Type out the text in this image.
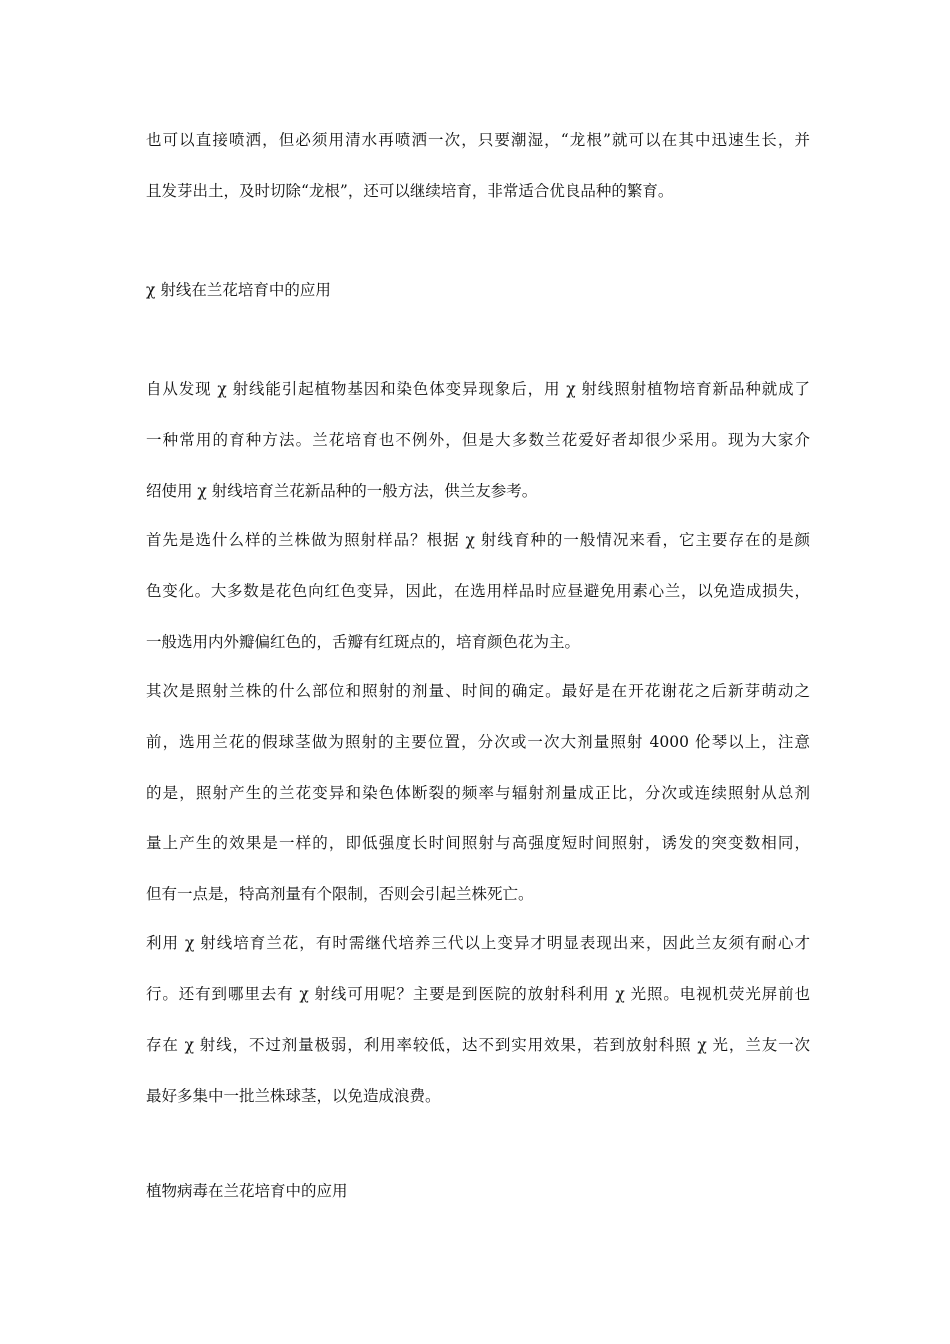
也可以直接喷洒，但必须用清水再喷洒一次，只要潮湿，“龙根”就可以在其中迅速生长，并
且发芽出土，及时切除“龙根”，还可以继续培育，非常适合优良品种的繁育。
χ 射线在兰花培育中的应用
自从发现 χ 射线能引起植物基因和染色体变异现象后，用 χ 射线照射植物培育新品种就成了
一种常用的育种方法。兰花培育也不例外，但是大多数兰花爱好者却很少采用。现为大家介
绍使用 χ 射线培育兰花新品种的一般方法，供兰友参考。
首先是选什么样的兰株做为照射样品？根据 χ 射线育种的一般情况来看，它主要存在的是颜
色变化。大多数是花色向红色变异，因此，在选用样品时应昼避免用素心兰，以免造成损失，
一般选用内外瓣偏红色的，舌瓣有红斑点的，培育颜色花为主。
其次是照射兰株的什么部位和照射的剂量、时间的确定。最好是在开花谢花之后新芽萌动之
前，选用兰花的假球茎做为照射的主要位置，分次或一次大剂量照射 4000 伦琴以上，注意
的是，照射产生的兰花变异和染色体断裂的频率与辐射剂量成正比，分次或连续照射从总剂
量上产生的效果是一样的，即低强度长时间照射与高强度短时间照射，诱发的突变数相同，
但有一点是，特高剂量有个限制，否则会引起兰株死亡。
利用 χ 射线培育兰花，有时需继代培养三代以上变异才明显表现出来，因此兰友须有耐心才
行。还有到哪里去有 χ 射线可用呢？主要是到医院的放射科利用 χ 光照。电视机荧光屏前也
存在 χ 射线，不过剂量极弱，利用率较低，达不到实用效果，若到放射科照 χ 光，兰友一次
最好多集中一批兰株球茎，以免造成浪费。
植物病毒在兰花培育中的应用
